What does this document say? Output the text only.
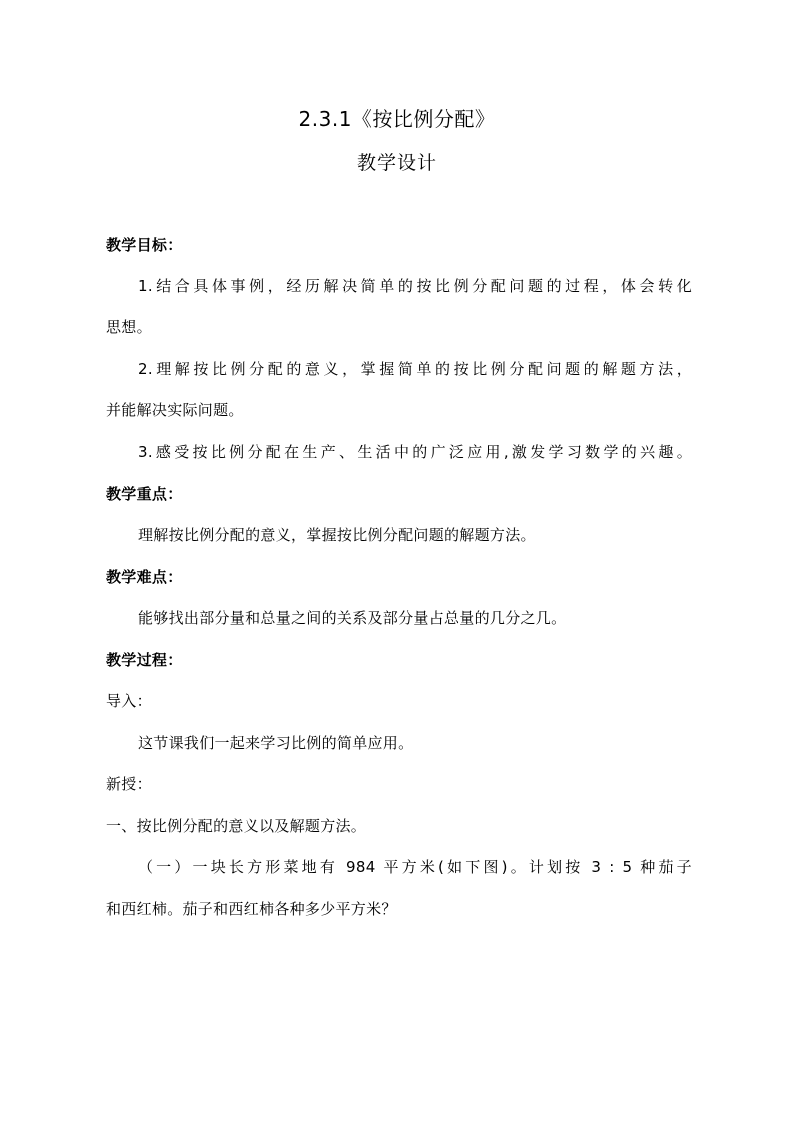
2.3.1《按比例分配》
教学设计
教学目标：
1.结合具体事例，经历解决简单的按比例分配问题的过程，体会转化
思想。
2.理解按比例分配的意义，掌握简单的按比例分配问题的解题方法，
并能解决实际问题。
3.感受按比例分配在生产、生活中的广泛应用,激发学习数学的兴趣。
教学重点：
理解按比例分配的意义，掌握按比例分配问题的解题方法。
教学难点：
能够找出部分量和总量之间的关系及部分量占总量的几分之几。
教学过程：
导入：
这节课我们一起来学习比例的简单应用。
新授：
一、按比例分配的意义以及解题方法。
（一）一块长方形菜地有 984 平方米(如下图)。计划按 3 : 5 种茄子
和西红柿。茄子和西红柿各种多少平方米？
